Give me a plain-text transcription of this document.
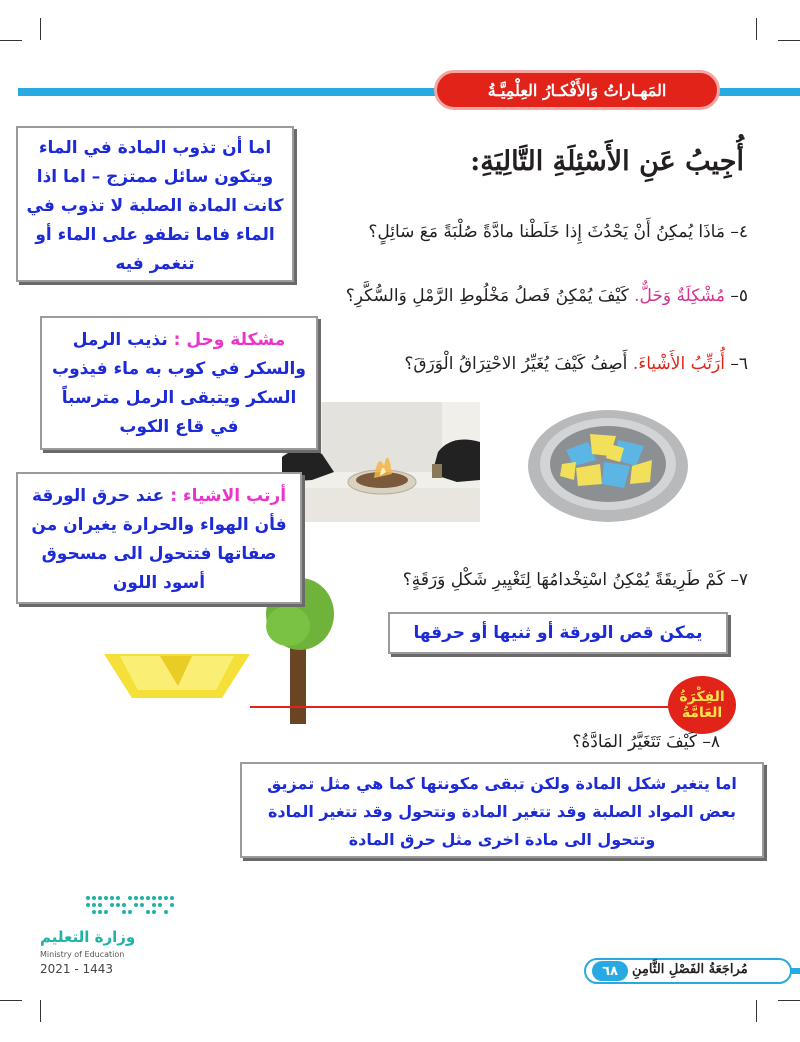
المَهـاراتُ وَالأَفْكـارُ العِلْمِيَّـةُ
أُجِيبُ عَنِ الأَسْئِلَةِ التَّالِيَةِ:
٤– مَاذَا يُمكِنُ أَنْ يَحْدُثَ إِذا خَلَطْنا مادَّةً صُلْبَةً مَعَ سَائِلٍ؟
٥– مُشْكِلَةٌ وَحَلٌّ. كَيْفَ يُمْكِنُ فَصلُ مَخْلُوطِ الرَّمْلِ وَالسُّكَّرِ؟
٦– أُرَتِّبُ الأَشْياءَ. أَصِفُ كَيْفَ يُغَيِّرُ الاحْتِرَاقُ الْوَرَقَ؟
٧– كَمْ طَرِيقَةً يُمْكِنُ اسْتِخْدامُهَا لِتَغْيِيرِ شَكْلِ وَرَقَةٍ؟
الفِكْرَةُ
العَامَّةُ
٨– كَيْفَ تَتَغَيَّرُ المَادَّةُ؟
اما أن تذوب المادة في الماء ويتكون سائل ممتزج – اما اذا كانت المادة الصلبة لا تذوب في الماء فاما تطفو على الماء أو تنغمر فيه
مشكلة وحل : نذيب الرمل والسكر في كوب به ماء فيذوب السكر ويتبقى الرمل مترسباً في قاع الكوب
أرتب الاشياء : عند حرق الورقة فأن الهواء والحرارة يغيران من صفاتها فتتحول الى مسحوق أسود اللون
يمكن قص الورقة أو ثنيها أو حرقها
اما يتغير شكل المادة ولكن تبقى مكونتها كما هي مثل تمزيق بعض المواد الصلبة وقد تتغير المادة وتتحول وقد تتغير المادة وتتحول الى مادة اخرى مثل حرق المادة
وزارة التعليم
Ministry of Education
2021 - 1443	٦٨	مُراجَعَةُ الفَصْلِ الثَّامِنِ
